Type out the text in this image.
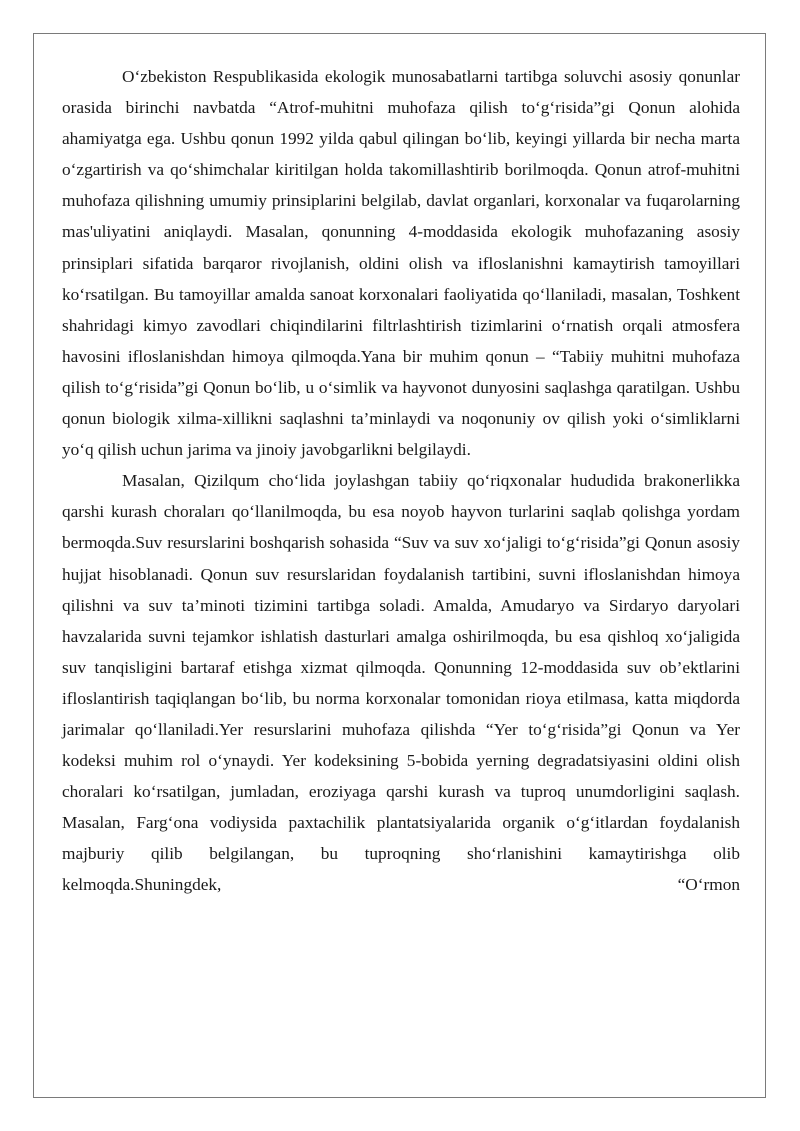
O‘zbekiston Respublikasida ekologik munosabatlarni tartibga soluvchi asosiy qonunlar orasida birinchi navbatda “Atrof-muhitni muhofaza qilish to‘g‘risida”gi Qonun alohida ahamiyatga ega. Ushbu qonun 1992 yilda qabul qilingan bo‘lib, keyingi yillarda bir necha marta o‘zgartirish va qo‘shimchalar kiritilgan holda takomillashtirib borilmoqda. Qonun atrof-muhitni muhofaza qilishning umumiy prinsiplarini belgilab, davlat organlari, korxonalar va fuqarolarning mas'uliyatini aniqlaydi. Masalan, qonunning 4-moddasida ekologik muhofazaning asosiy prinsiplari sifatida barqaror rivojlanish, oldini olish va ifloslanishni kamaytirish tamoyillari ko‘rsatilgan. Bu tamoyillar amalda sanoat korxonalari faoliyatida qo‘llaniladi, masalan, Toshkent shahridagi kimyo zavodlari chiqindilarini filtrlashtirish tizimlarini o‘rnatish orqali atmosfera havosini ifloslanishdan himoya qilmoqda.Yana bir muhim qonun – “Tabiiy muhitni muhofaza qilish to‘g‘risida”gi Qonun bo‘lib, u o‘simlik va hayvonot dunyosini saqlashga qaratilgan. Ushbu qonun biologik xilma-xillikni saqlashni ta’minlaydi va noqonuniy ov qilish yoki o‘simliklarni yo‘q qilish uchun jarima va jinoiy javobgarlikni belgilaydi.

Masalan, Qizilqum cho‘lida joylashgan tabiiy qo‘riqxonalar hududida brakonerlikka qarshi kurash choraları qo‘llanilmoqda, bu esa noyob hayvon turlarini saqlab qolishga yordam bermoqda.Suv resurslarini boshqarish sohasida “Suv va suv xo‘jaligi to‘g‘risida”gi Qonun asosiy hujjat hisoblanadi. Qonun suv resurslaridan foydalanish tartibini, suvni ifloslanishdan himoya qilishni va suv ta’minoti tizimini tartibga soladi. Amalda, Amudaryo va Sirdaryo daryolari havzalarida suvni tejamkor ishlatish dasturlari amalga oshirilmoqda, bu esa qishloq xo‘jaligida suv tanqisligini bartaraf etishga xizmat qilmoqda. Qonunning 12-moddasida suv ob’ektlarini ifloslantirish taqiqlangan bo‘lib, bu norma korxonalar tomonidan rioya etilmasa, katta miqdorda jarimalar qo‘llaniladi.Yer resurslarini muhofaza qilishda “Yer to‘g‘risida”gi Qonun va Yer kodeksi muhim rol o‘ynaydi. Yer kodeksining 5-bobida yerning degradatsiyasini oldini olish choralari ko‘rsatilgan, jumladan, eroziyaga qarshi kurash va tuproq unumdorligini saqlash. Masalan, Farg‘ona vodiysida paxtachilik plantatsiyalarida organik o‘g‘itlardan foydalanish majburiy qilib belgilangan, bu tuproqning sho‘rlanishini kamaytirishga olib kelmoqda.Shuningdek, “O‘rmon
